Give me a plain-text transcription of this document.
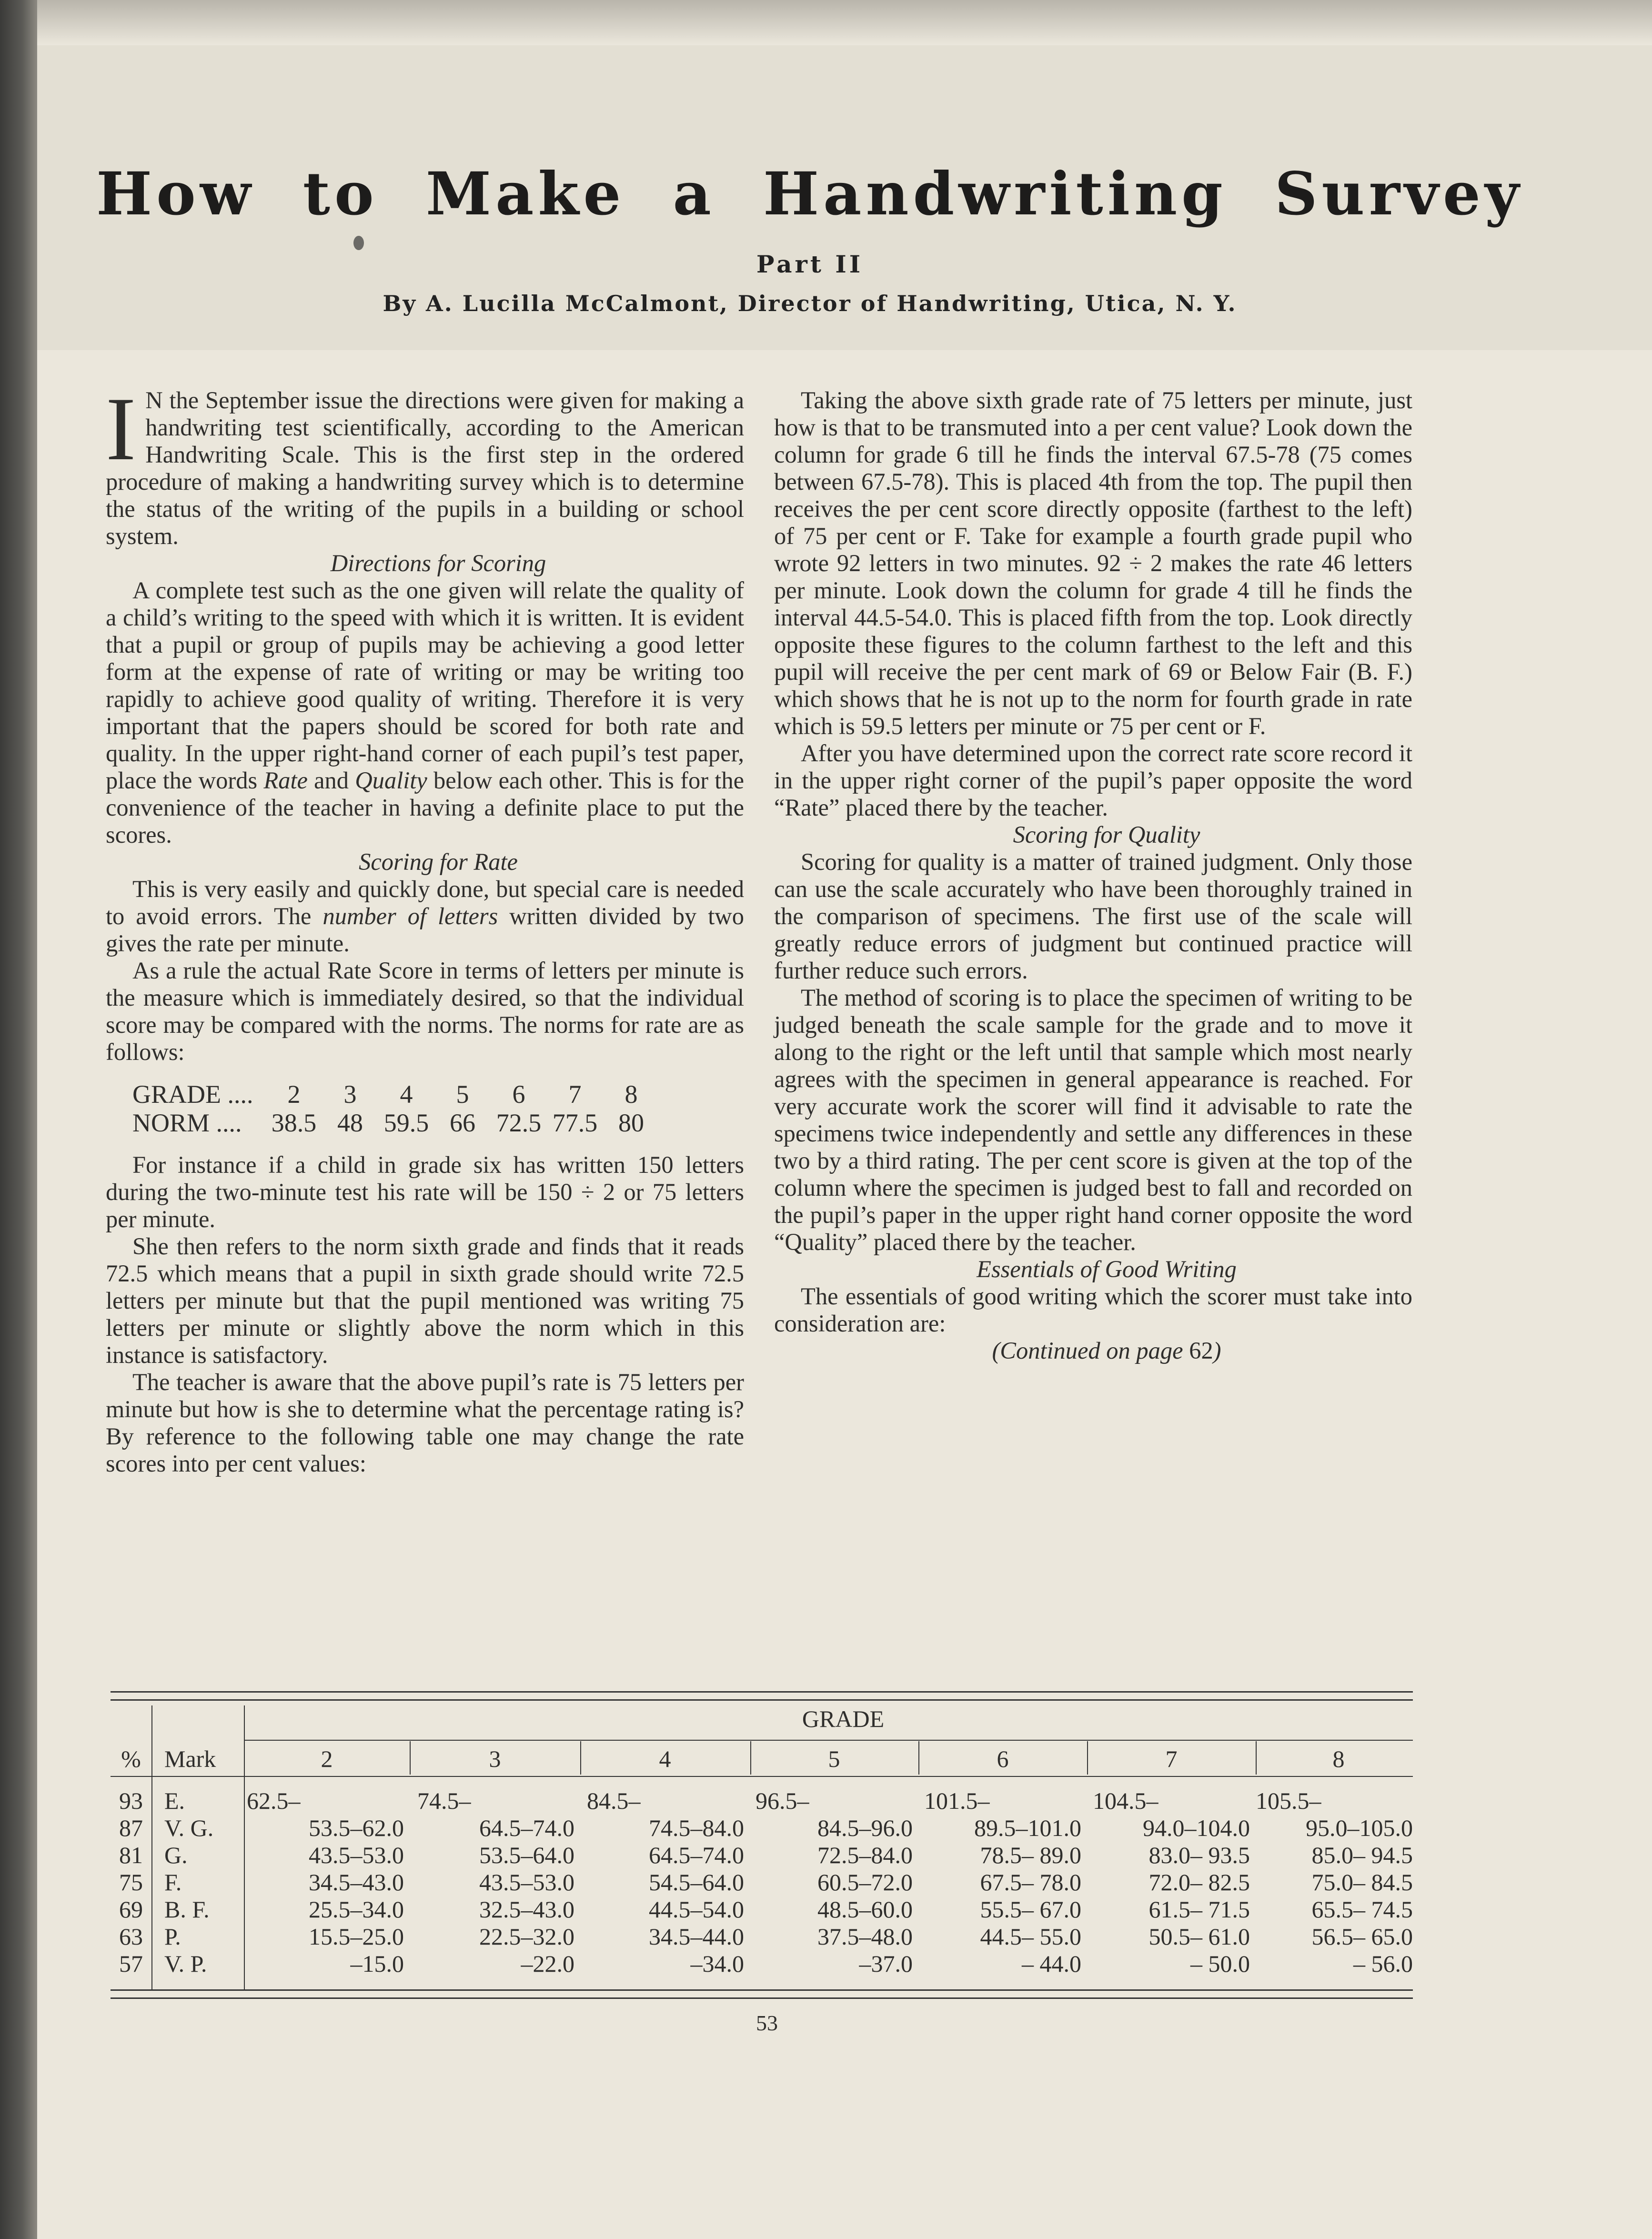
How to Make a Handwriting Survey
Part II
By A. Lucilla McCalmont, Director of Handwriting, Utica, N. Y.

I N the September issue the directions were given for making a handwriting test scientifically, according to the American Handwriting Scale. This is the first step in the ordered procedure of making a handwriting survey which is to determine the status of the writing of the pupils in a building or school system.

Directions for Scoring

A complete test such as the one given will relate the quality of a child’s writing to the speed with which it is written. It is evident that a pupil or group of pupils may be achieving a good letter form at the expense of rate of writing or may be writing too rapidly to achieve good quality of writing. Therefore it is very important that the papers should be scored for both rate and quality. In the upper right-hand corner of each pupil’s test paper, place the words Rate and Quality below each other. This is for the convenience of the teacher in having a definite place to put the scores.

Scoring for Rate

This is very easily and quickly done, but special care is needed to avoid errors. The number of letters written divided by two gives the rate per minute.

As a rule the actual Rate Score in terms of letters per minute is the measure which is immediately desired, so that the individual score may be compared with the norms. The norms for rate are as follows:

GRADE ....	2	3	4	5	6	7	8
NORM ....	38.5 48 59.5 66 72.5 77.5 80

For instance if a child in grade six has written 150 letters during the two-minute test his rate will be 150 ÷ 2 or 75 letters per minute.

She then refers to the norm sixth grade and finds that it reads 72.5 which means that a pupil in sixth grade should write 72.5 letters per minute but that the pupil mentioned was writing 75 letters per minute or slightly above the norm which in this instance is satisfactory.

The teacher is aware that the above pupil’s rate is 75 letters per minute but how is she to determine what the percentage rating is? By reference to the following table one may change the rate scores into per cent values:

Taking the above sixth grade rate of 75 letters per minute, just how is that to be transmuted into a per cent value? Look down the column for grade 6 till he finds the interval 67.5-78 (75 comes between 67.5-78). This is placed 4th from the top. The pupil then receives the per cent score directly opposite (farthest to the left) of 75 per cent or F. Take for example a fourth grade pupil who wrote 92 letters in two minutes. 92 ÷ 2 makes the rate 46 letters per minute. Look down the column for grade 4 till he finds the interval 44.5-54.0. This is placed fifth from the top. Look directly opposite these figures to the column farthest to the left and this pupil will receive the per cent mark of 69 or Below Fair (B. F.) which shows that he is not up to the norm for fourth grade in rate which is 59.5 letters per minute or 75 per cent or F.

After you have determined upon the correct rate score record it in the upper right corner of the pupil’s paper opposite the word “Rate” placed there by the teacher.

Scoring for Quality

Scoring for quality is a matter of trained judgment. Only those can use the scale accurately who have been thoroughly trained in the comparison of specimens. The first use of the scale will greatly reduce errors of judgment but continued practice will further reduce such errors.

The method of scoring is to place the specimen of writing to be judged beneath the scale sample for the grade and to move it along to the right or the left until that sample which most nearly agrees with the specimen in general appearance is reached. For very accurate work the scorer will find it advisable to rate the specimens twice independently and settle any differences in these two by a third rating. The per cent score is given at the top of the column where the specimen is judged best to fall and recorded on the pupil’s paper in the upper right hand corner opposite the word “Quality” placed there by the teacher.

Essentials of Good Writing

The essentials of good writing which the scorer must take into consideration are:

(Continued on page 62)

GRADE
% Mark	2	3	4	5	6	7	8
93 E.	62.5–	74.5–	84.5–	96.5–	101.5–	104.5–	105.5–
87 V. G.	53.5–62.0	64.5–74.0	74.5–84.0	84.5–96.0	89.5–101.0	94.0–104.0	95.0–105.0
81 G.	43.5–53.0	53.5–64.0	64.5–74.0	72.5–84.0	78.5– 89.0	83.0– 93.5	85.0– 94.5
75 F.	34.5–43.0	43.5–53.0	54.5–64.0	60.5–72.0	67.5– 78.0	72.0– 82.5	75.0– 84.5
69 B. F.	25.5–34.0	32.5–43.0	44.5–54.0	48.5–60.0	55.5– 67.0	61.5– 71.5	65.5– 74.5
63 P.	15.5–25.0	22.5–32.0	34.5–44.0	37.5–48.0	44.5– 55.0	50.5– 61.0	56.5– 65.0
57 V. P.	–15.0	–22.0	–34.0	–37.0	– 44.0	– 50.0	– 56.0
53
